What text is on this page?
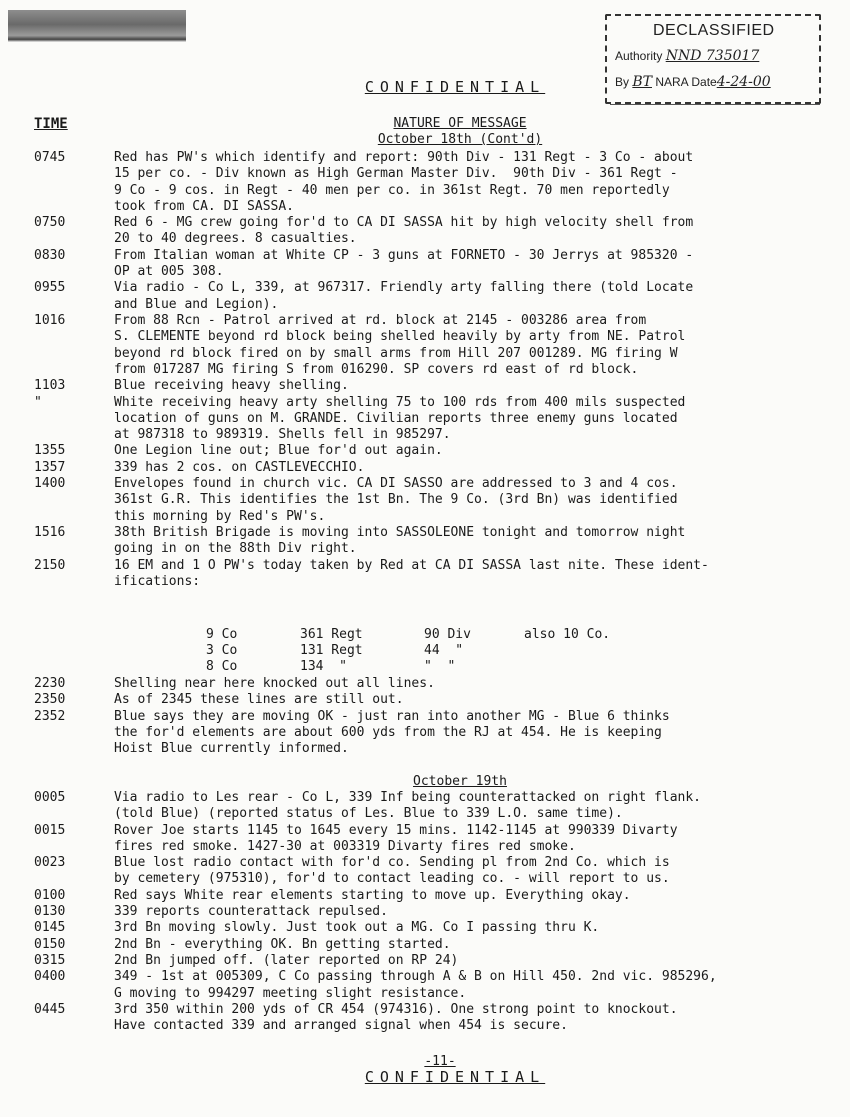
DECLASSIFIED
Authority NND 735017
By BT NARA Date4-24-00
CONFIDENTIAL
TIME	NATURE OF MESSAGE
October 18th (Cont'd)
0745	Red has PW's which identify and report: 90th Div - 131 Regt - 3 Co - about
15 per co. - Div known as High German Master Div.  90th Div - 361 Regt -
9 Co - 9 cos. in Regt - 40 men per co. in 361st Regt. 70 men reportedly
took from CA. DI SASSA.
0750	Red 6 - MG crew going for'd to CA DI SASSA hit by high velocity shell from
20 to 40 degrees. 8 casualties.
0830	From Italian woman at White CP - 3 guns at FORNETO - 30 Jerrys at 985320 -
OP at 005 308.
0955	Via radio - Co L, 339, at 967317. Friendly arty falling there (told Locate
and Blue and Legion).
1016	From 88 Rcn - Patrol arrived at rd. block at 2145 - 003286 area from
S. CLEMENTE beyond rd block being shelled heavily by arty from NE. Patrol
beyond rd block fired on by small arms from Hill 207 001289. MG firing W
from 017287 MG firing S from 016290. SP covers rd east of rd block.
1103	Blue receiving heavy shelling.
"	White receiving heavy arty shelling 75 to 100 rds from 400 mils suspected
location of guns on M. GRANDE. Civilian reports three enemy guns located
at 987318 to 989319. Shells fell in 985297.
1355	One Legion line out; Blue for'd out again.
1357	339 has 2 cos. on CASTLEVECCHIO.
1400	Envelopes found in church vic. CA DI SASSO are addressed to 3 and 4 cos.
361st G.R. This identifies the 1st Bn. The 9 Co. (3rd Bn) was identified
this morning by Red's PW's.
1516	38th British Brigade is moving into SASSOLEONE tonight and tomorrow night
going in on the 88th Div right.
2150	16 EM and 1 O PW's today taken by Red at CA DI SASSA last nite. These ident-
ifications:
9 Co	361 Regt	90 Div	also 10 Co.
3 Co	131 Regt	44  "
8 Co	134  "	"  "
2230	Shelling near here knocked out all lines.
2350	As of 2345 these lines are still out.
2352	Blue says they are moving OK - just ran into another MG - Blue 6 thinks
the for'd elements are about 600 yds from the RJ at 454. He is keeping
Hoist Blue currently informed.
October 19th
0005	Via radio to Les rear - Co L, 339 Inf being counterattacked on right flank.
(told Blue) (reported status of Les. Blue to 339 L.O. same time).
0015	Rover Joe starts 1145 to 1645 every 15 mins. 1142-1145 at 990339 Divarty
fires red smoke. 1427-30 at 003319 Divarty fires red smoke.
0023	Blue lost radio contact with for'd co. Sending pl from 2nd Co. which is
by cemetery (975310), for'd to contact leading co. - will report to us.
0100	Red says White rear elements starting to move up. Everything okay.
0130	339 reports counterattack repulsed.
0145	3rd Bn moving slowly. Just took out a MG. Co I passing thru K.
0150	2nd Bn - everything OK. Bn getting started.
0315	2nd Bn jumped off. (later reported on RP 24)
0400	349 - 1st at 005309, C Co passing through A & B on Hill 450. 2nd vic. 985296,
G moving to 994297 meeting slight resistance.
0445	3rd 350 within 200 yds of CR 454 (974316). One strong point to knockout.
Have contacted 339 and arranged signal when 454 is secure.
-11-
CONFIDENTIAL
